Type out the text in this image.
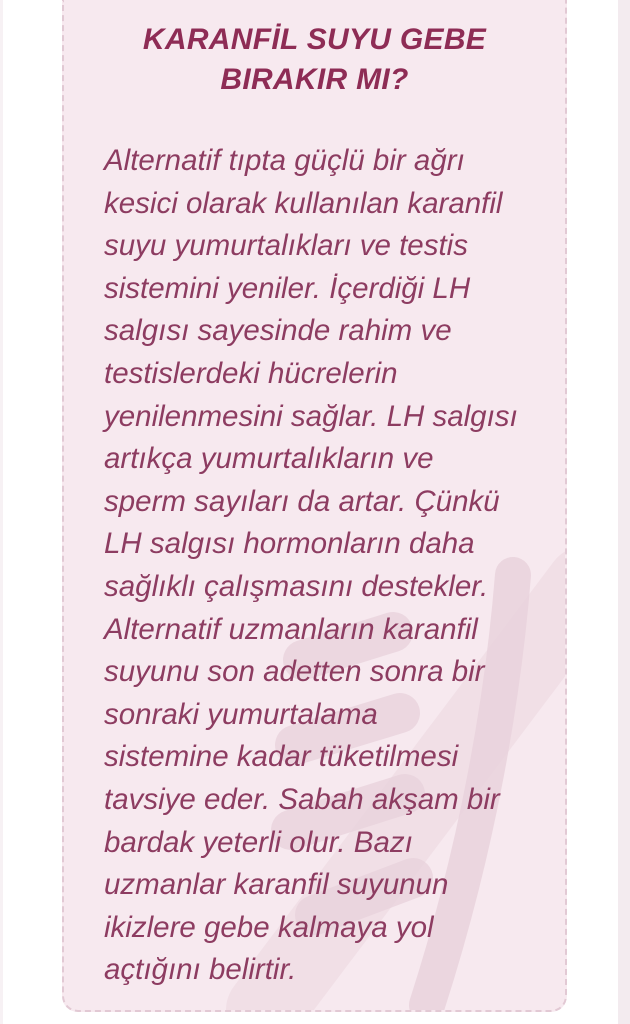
KARANFİL SUYU GEBE
BIRAKIR MI?
Alternatif tıpta güçlü bir ağrı
kesici olarak kullanılan karanfil
suyu yumurtalıkları ve testis
sistemini yeniler. İçerdiği LH
salgısı sayesinde rahim ve
testislerdeki hücrelerin
yenilenmesini sağlar. LH salgısı
artıkça yumurtalıkların ve
sperm sayıları da artar. Çünkü
LH salgısı hormonların daha
sağlıklı çalışmasını destekler.
Alternatif uzmanların karanfil
suyunu son adetten sonra bir
sonraki yumurtalama
sistemine kadar tüketilmesi
tavsiye eder. Sabah akşam bir
bardak yeterli olur. Bazı
uzmanlar karanfil suyunun
ikizlere gebe kalmaya yol
açtığını belirtir.
